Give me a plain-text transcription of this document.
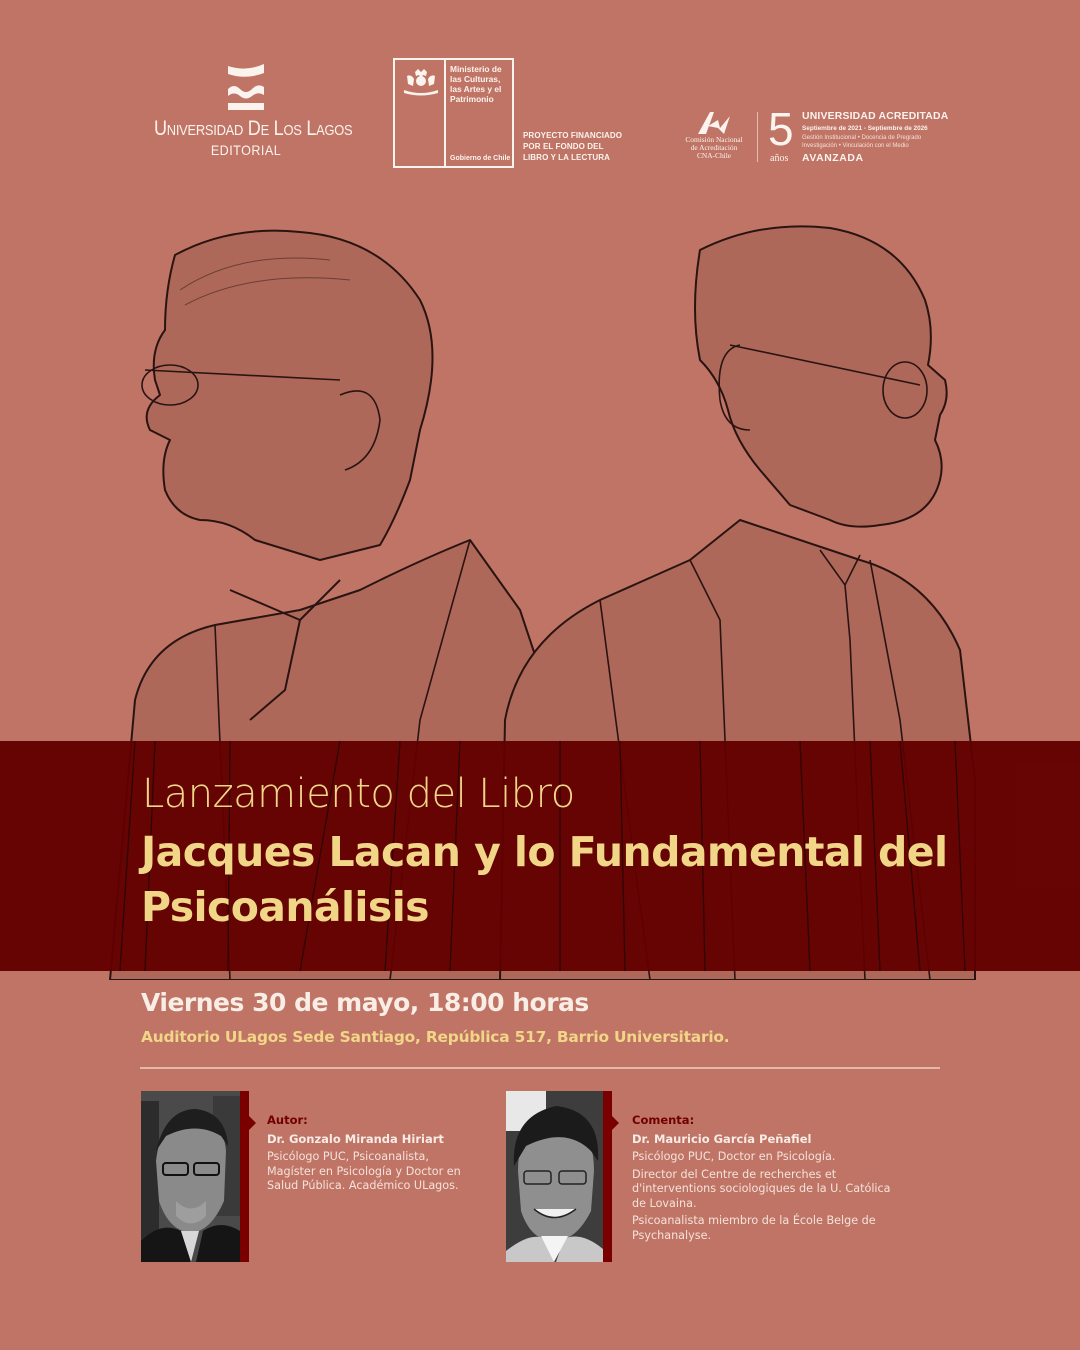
Universidad De Los Lagos
EDITORIAL
Ministerio de
las Culturas,
las Artes y el
Patrimonio
Gobierno de Chile
PROYECTO FINANCIADO
POR EL FONDO DEL
LIBRO Y LA LECTURA
Comisión Nacional
de Acreditación
CNA-Chile
5
años
UNIVERSIDAD ACREDITADA
Septiembre de 2021 - Septiembre de 2026
Gestión Institucional • Docencia de Pregrado
Investigación • Vinculación con el Medio
AVANZADA
Lanzamiento del Libro
Jacques Lacan y lo Fundamental del Psicoanálisis
Viernes 30 de mayo, 18:00 horas
Auditorio ULagos Sede Santiago, República 517, Barrio Universitario.
Autor:
Dr. Gonzalo Miranda Hiriart
Psicólogo PUC, Psicoanalista, Magíster en Psicología y Doctor en Salud Pública. Académico ULagos.
Comenta:
Dr. Mauricio García Peñafiel
Psicólogo PUC, Doctor en Psicología.
Director del Centre de recherches et d'interventions sociologiques de la U. Católica de Lovaina.
Psicoanalista miembro de la École Belge de Psychanalyse.
